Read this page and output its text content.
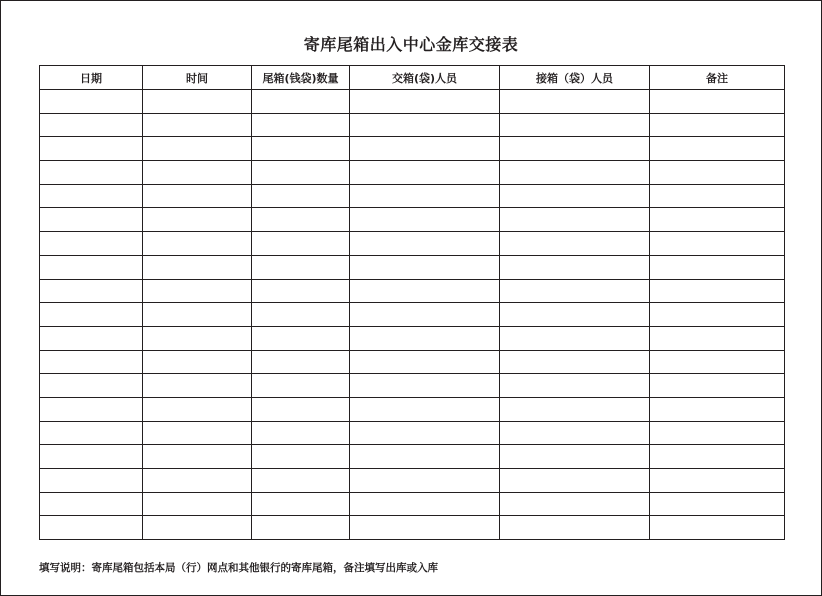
寄库尾箱出入中心金库交接表
日期	时间	尾箱(钱袋)数量	交箱(袋)人员	接箱（袋）人员	备注

填写说明：寄库尾箱包括本局（行）网点和其他银行的寄库尾箱，备注填写出库或入库
